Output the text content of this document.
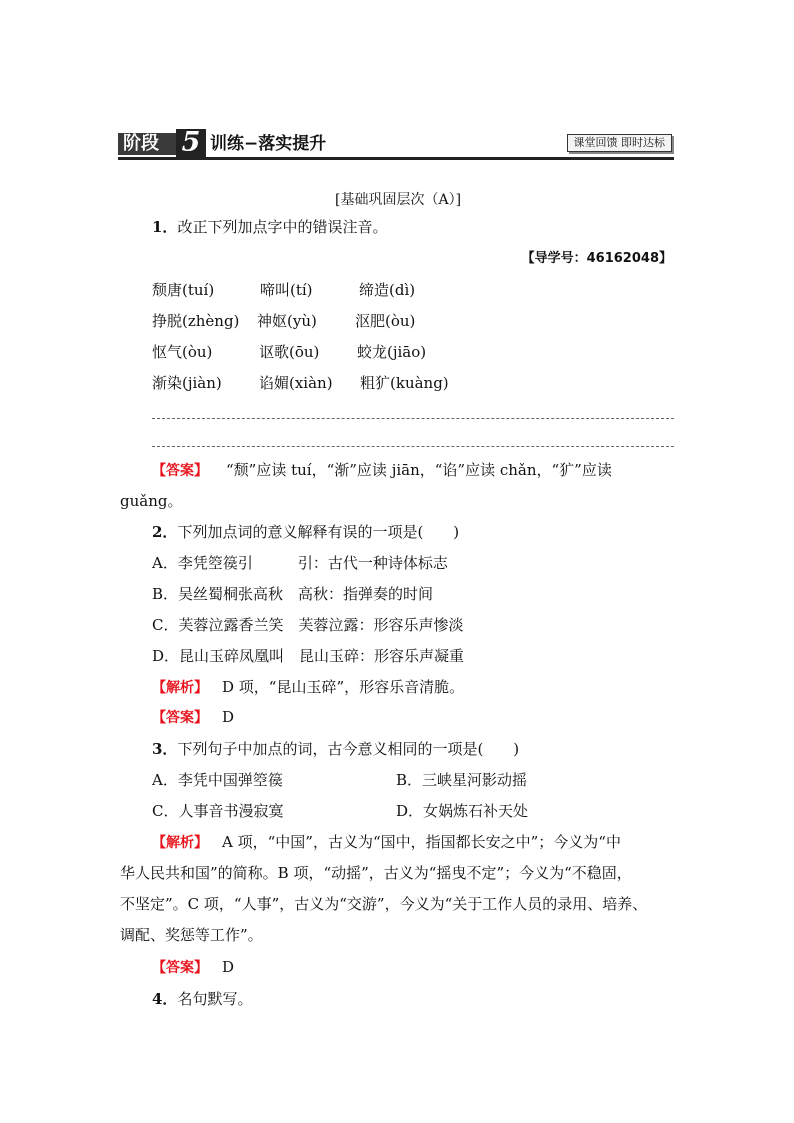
阶段 5 训练−落实提升	课堂回馈 即时达标
[基础巩固层次（A）]
1．改正下列加点字中的错误注音。
【导学号：46162048】
颓唐(tuí)	啼叫(tí)	缔造(dì)
挣脱(zhèng) 神妪(yù)	沤肥(òu)
怄气(òu)	讴歌(ōu)	蛟龙(jiāo)
渐染(jiàn) 谄媚(xiàn) 粗犷(kuàng)
【答案】 “颓”应读 tuí，“渐”应读 jiān，“谄”应读 chǎn，“犷”应读
guǎng。
2．下列加点词的意义解释有误的一项是(　　)
A．李凭箜篌引　　　引：古代一种诗体标志
B．吴丝蜀桐张高秋　高秋：指弹奏的时间
C．芙蓉泣露香兰笑　芙蓉泣露：形容乐声惨淡
D．昆山玉碎凤凰叫　昆山玉碎：形容乐声凝重
【解析】 D 项，“昆山玉碎”，形容乐音清脆。
【答案】 D
3．下列句子中加点的词，古今意义相同的一项是(　　)
A．李凭中国弹箜篌	B．三峡星河影动摇
C．人事音书漫寂寞	D．女娲炼石补天处
【解析】 A 项，“中国”，古义为“国中，指国都长安之中”；今义为“中
华人民共和国”的简称。B 项，“动摇”，古义为“摇曳不定”；今义为“不稳固，
不坚定”。C 项，“人事”，古义为“交游”，今义为“关于工作人员的录用、培养、
调配、奖惩等工作”。
【答案】 D
4．名句默写。
